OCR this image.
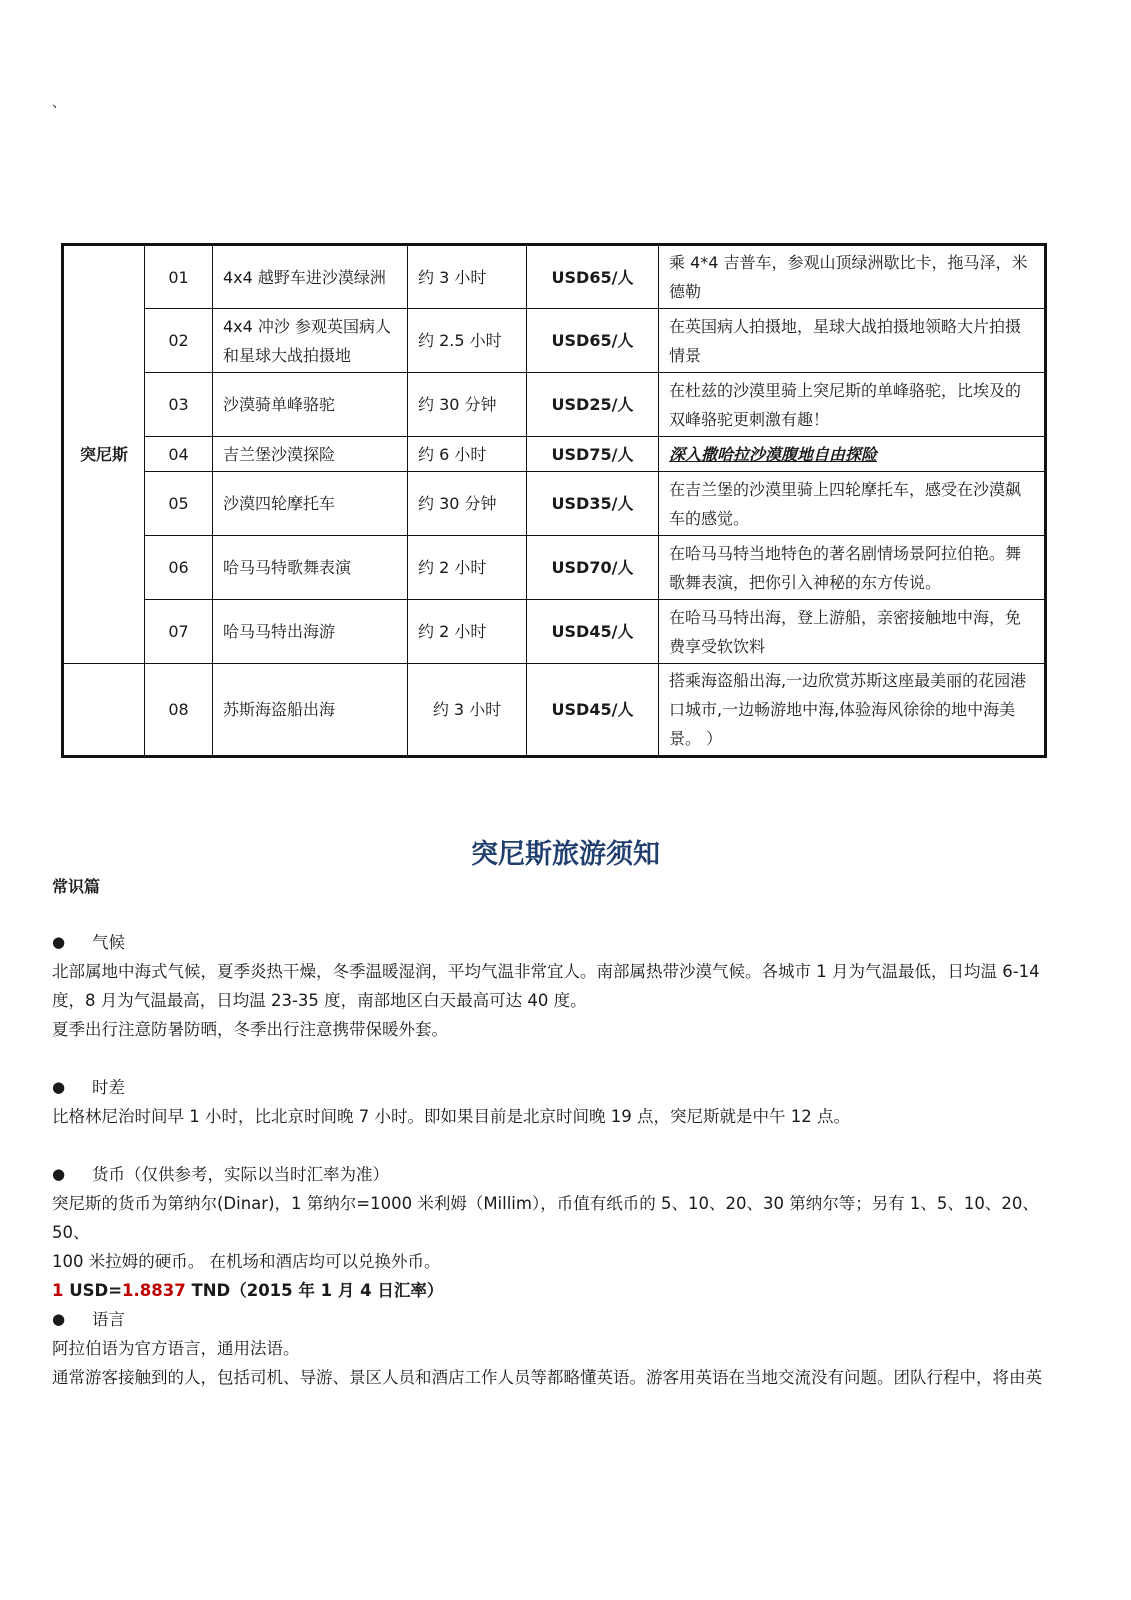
、
突尼斯	01	4x4 越野车进沙漠绿洲	约 3 小时	USD65/人	乘 4*4 吉普车，参观山顶绿洲歇比卡，拖马泽，米德勒
	02	4x4 冲沙 参观英国病人和星球大战拍摄地	约 2.5 小时	USD65/人	在英国病人拍摄地，星球大战拍摄地领略大片拍摄情景
	03	沙漠骑单峰骆驼	约 30 分钟	USD25/人	在杜兹的沙漠里骑上突尼斯的单峰骆驼，比埃及的双峰骆驼更刺激有趣！
	04	吉兰堡沙漠探险	约 6 小时	USD75/人	深入撒哈拉沙漠腹地自由探险
	05	沙漠四轮摩托车	约 30 分钟	USD35/人	在吉兰堡的沙漠里骑上四轮摩托车，感受在沙漠飙车的感觉。
	06	哈马马特歌舞表演	约 2 小时	USD70/人	在哈马马特当地特色的著名剧情场景阿拉伯艳。舞歌舞表演，把你引入神秘的东方传说。
	07	哈马马特出海游	约 2 小时	USD45/人	在哈马马特出海，登上游船，亲密接触地中海，免费享受软饮料
	08	苏斯海盗船出海	约 3 小时	USD45/人	搭乘海盗船出海,一边欣赏苏斯这座最美丽的花园港口城市,一边畅游地中海,体验海风徐徐的地中海美景。 ）
突尼斯旅游须知
常识篇
●	气候
北部属地中海式气候，夏季炎热干燥，冬季温暖湿润，平均气温非常宜人。南部属热带沙漠气候。各城市 1 月为气温最低，日均温 6-14
度，8 月为气温最高，日均温 23-35 度，南部地区白天最高可达 40 度。
夏季出行注意防暑防晒，冬季出行注意携带保暖外套。
●	时差
比格林尼治时间早 1 小时，比北京时间晚 7 小时。即如果目前是北京时间晚 19 点，突尼斯就是中午 12 点。
●	货币（仅供参考，实际以当时汇率为准）
突尼斯的货币为第纳尔(Dinar)，1 第纳尔=1000 米利姆（Millim），币值有纸币的 5、10、20、30 第纳尔等；另有 1、5、10、20、50、
100 米拉姆的硬币。 在机场和酒店均可以兑换外币。
1 USD=1.8837 TND（2015 年 1 月 4 日汇率）
●	语言
阿拉伯语为官方语言，通用法语。
通常游客接触到的人，包括司机、导游、景区人员和酒店工作人员等都略懂英语。游客用英语在当地交流没有问题。团队行程中，将由英
